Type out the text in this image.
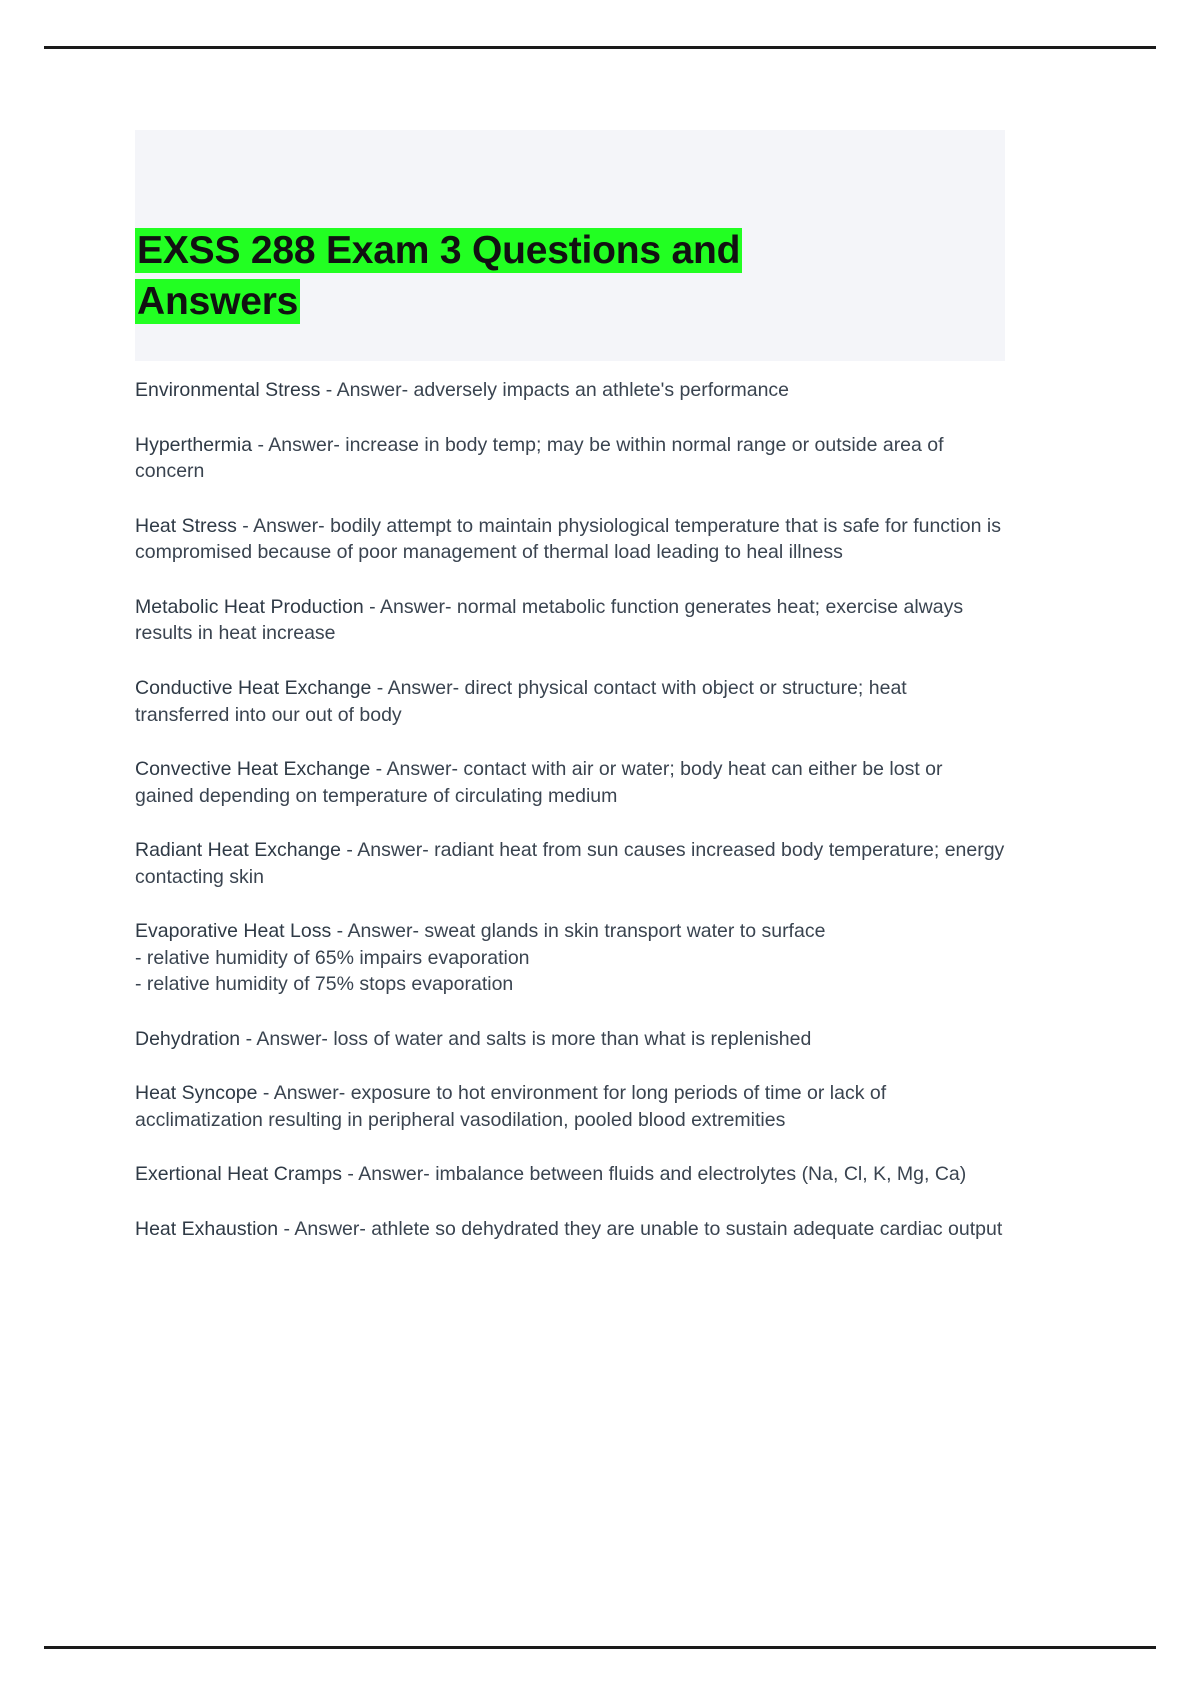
EXSS 288 Exam 3 Questions and
Answers

Environmental Stress - Answer- adversely impacts an athlete's performance

Hyperthermia - Answer- increase in body temp; may be within normal range or outside area of concern

Heat Stress - Answer- bodily attempt to maintain physiological temperature that is safe for function is compromised because of poor management of thermal load leading to heal illness

Metabolic Heat Production - Answer- normal metabolic function generates heat; exercise always results in heat increase

Conductive Heat Exchange - Answer- direct physical contact with object or structure; heat transferred into our out of body

Convective Heat Exchange - Answer- contact with air or water; body heat can either be lost or gained depending on temperature of circulating medium

Radiant Heat Exchange - Answer- radiant heat from sun causes increased body temperature; energy contacting skin

Evaporative Heat Loss - Answer- sweat glands in skin transport water to surface
- relative humidity of 65% impairs evaporation
- relative humidity of 75% stops evaporation

Dehydration - Answer- loss of water and salts is more than what is replenished

Heat Syncope - Answer- exposure to hot environment for long periods of time or lack of acclimatization resulting in peripheral vasodilation, pooled blood extremities

Exertional Heat Cramps - Answer- imbalance between fluids and electrolytes (Na, Cl, K, Mg, Ca)

Heat Exhaustion - Answer- athlete so dehydrated they are unable to sustain adequate cardiac output
